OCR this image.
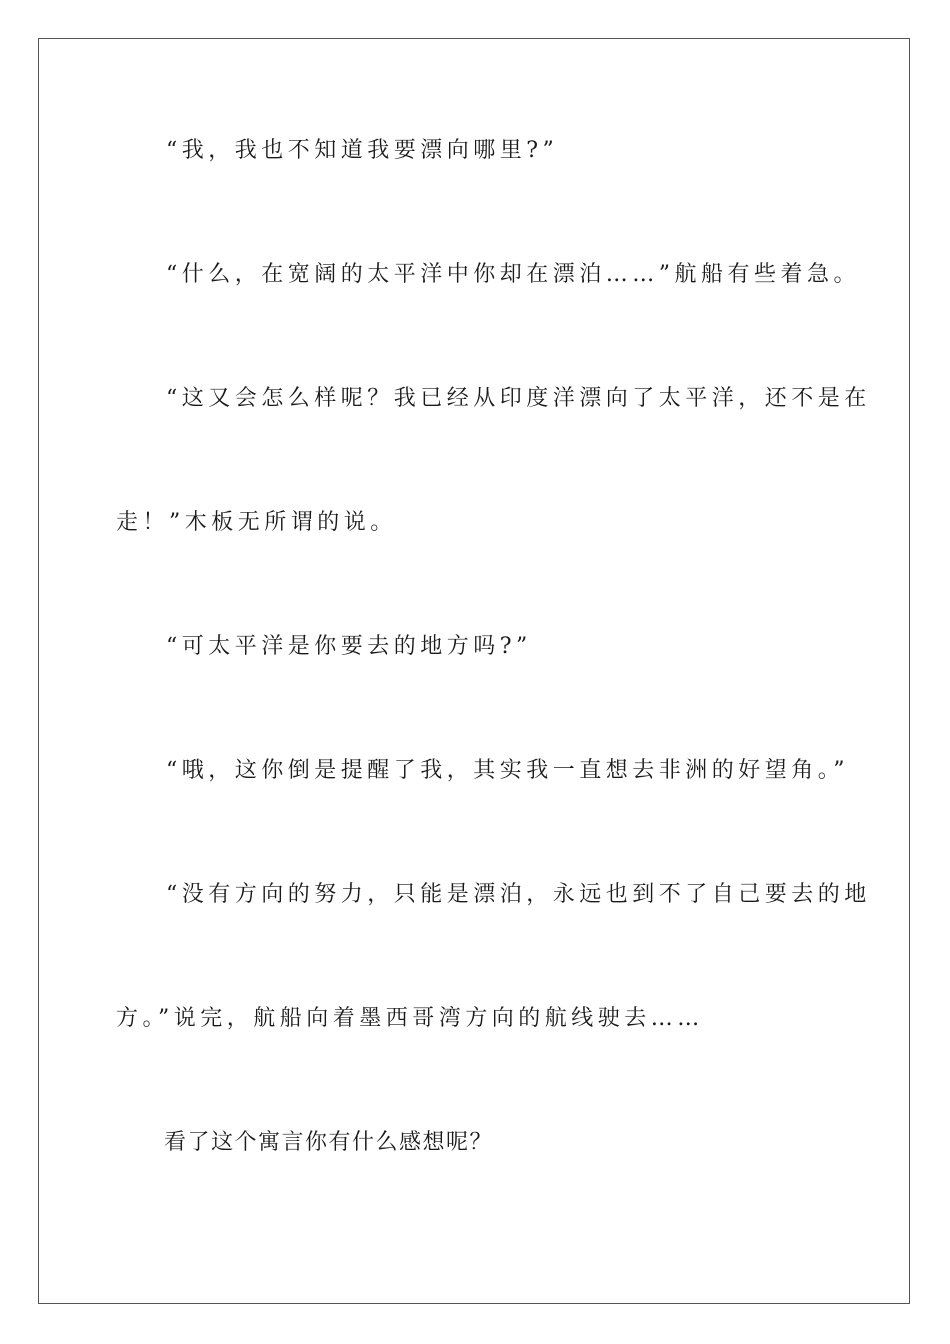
“我，我也不知道我要漂向哪里?”
“什么，在宽阔的太平洋中你却在漂泊……”航船有些着急。
“这又会怎么样呢？我已经从印度洋漂向了太平洋，还不是在
走！”木板无所谓的说。
“可太平洋是你要去的地方吗?”
“哦，这你倒是提醒了我，其实我一直想去非洲的好望角。”
“没有方向的努力，只能是漂泊，永远也到不了自己要去的地
方。”说完，航船向着墨西哥湾方向的航线驶去……
看了这个寓言你有什么感想呢？
